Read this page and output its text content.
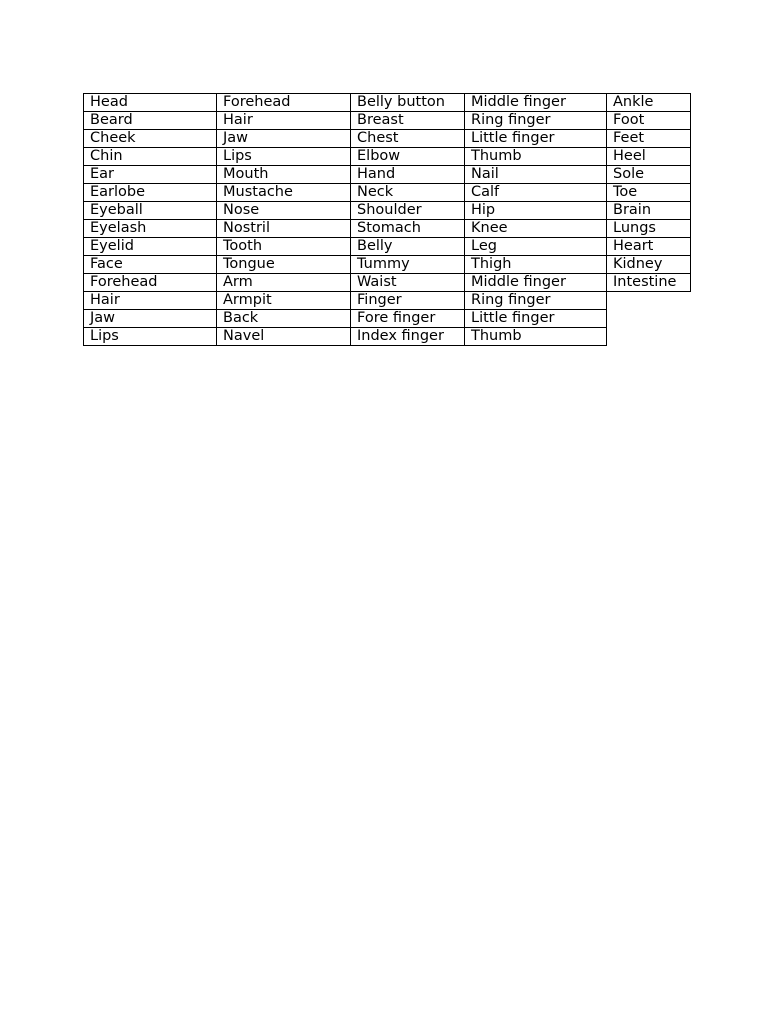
Head	Forehead	Belly button	Middle finger	Ankle
Beard	Hair	Breast	Ring finger	Foot
Cheek	Jaw	Chest	Little finger	Feet
Chin	Lips	Elbow	Thumb	Heel
Ear	Mouth	Hand	Nail	Sole
Earlobe	Mustache	Neck	Calf	Toe
Eyeball	Nose	Shoulder	Hip	Brain
Eyelash	Nostril	Stomach	Knee	Lungs
Eyelid	Tooth	Belly	Leg	Heart
Face	Tongue	Tummy	Thigh	Kidney
Forehead	Arm	Waist	Middle finger	Intestine
Hair	Armpit	Finger	Ring finger	
Jaw	Back	Fore finger	Little finger	
Lips	Navel	Index finger	Thumb	
